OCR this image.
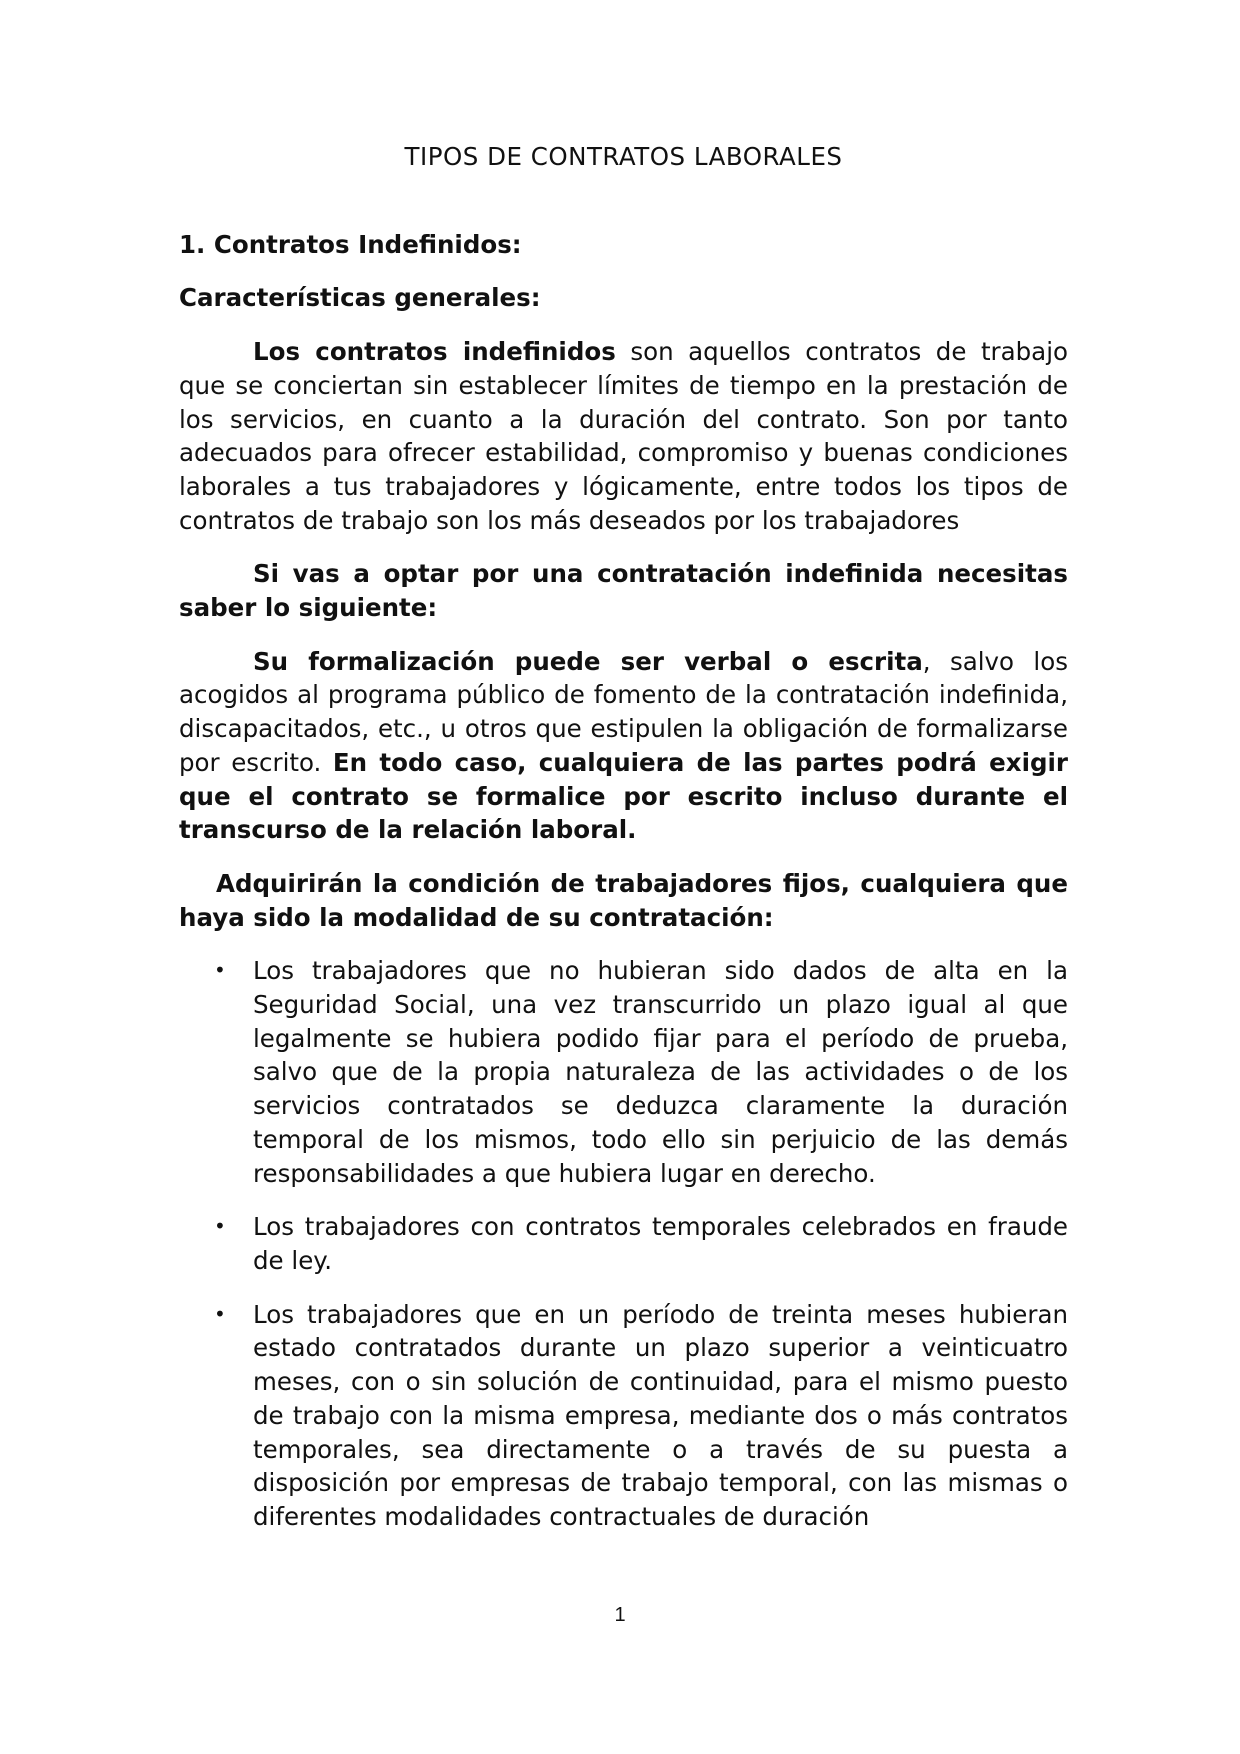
TIPOS DE CONTRATOS LABORALES
1. Contratos Indefinidos:
Características generales:

Los contratos indefinidos son aquellos contratos de trabajo que se conciertan sin establecer límites de tiempo en la prestación de los servicios, en cuanto a la duración del contrato. Son por tanto adecuados para ofrecer estabilidad, compromiso y buenas condiciones laborales a tus trabajadores y lógicamente, entre todos los tipos de contratos de trabajo son los más deseados por los trabajadores

Si vas a optar por una contratación indefinida necesitas saber lo siguiente:

Su formalización puede ser verbal o escrita, salvo los acogidos al programa público de fomento de la contratación indefinida, discapacitados, etc., u otros que estipulen la obligación de formalizarse por escrito. En todo caso, cualquiera de las partes podrá exigir que el contrato se formalice por escrito incluso durante el transcurso de la relación laboral.

Adquirirán la condición de trabajadores fijos, cualquiera que haya sido la modalidad de su contratación:

• Los trabajadores que no hubieran sido dados de alta en la Seguridad Social, una vez transcurrido un plazo igual al que legalmente se hubiera podido fijar para el período de prueba, salvo que de la propia naturaleza de las actividades o de los servicios contratados se deduzca claramente la duración temporal de los mismos, todo ello sin perjuicio de las demás responsabilidades a que hubiera lugar en derecho.
• Los trabajadores con contratos temporales celebrados en fraude de ley.
• Los trabajadores que en un período de treinta meses hubieran estado contratados durante un plazo superior a veinticuatro meses, con o sin solución de continuidad, para el mismo puesto de trabajo con la misma empresa, mediante dos o más contratos temporales, sea directamente o a través de su puesta a disposición por empresas de trabajo temporal, con las mismas o diferentes modalidades contractuales de duración
1
